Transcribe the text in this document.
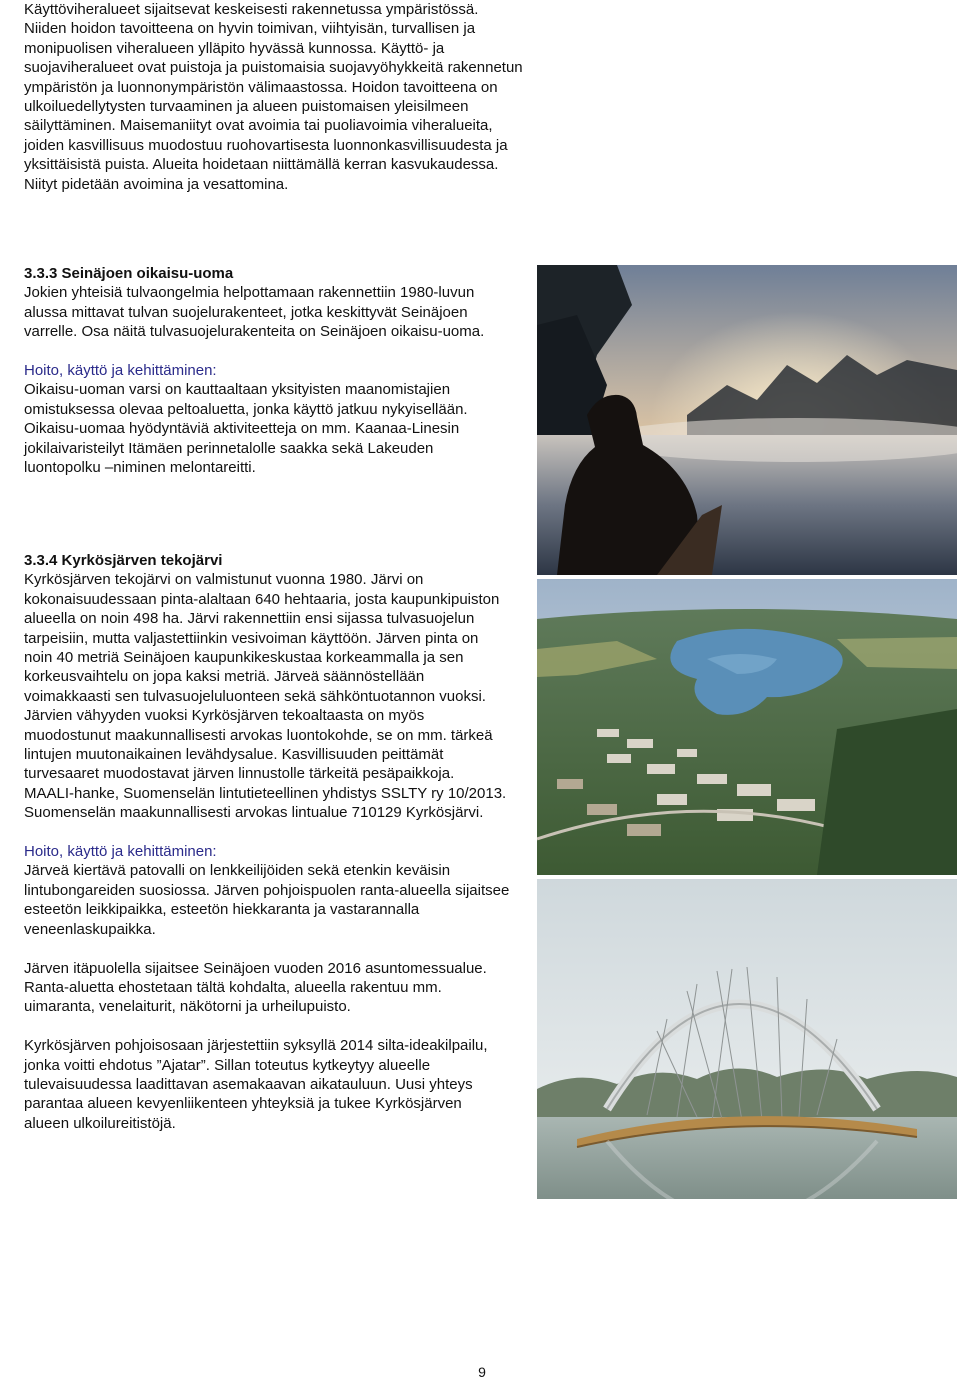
Käyttöviheralueet sijaitsevat keskeisesti rakennetussa ympäristössä. Niiden hoidon tavoitteena on hyvin toimivan, viihtyisän, turvallisen ja monipuolisen viheralueen ylläpito hyvässä kunnossa. Käyttö- ja suojaviheralueet ovat puistoja ja puistomaisia suojavyöhykkeitä rakennetun ympäristön ja luonnonympäristön välimaastossa. Hoidon tavoitteena on ulkoiluedellytysten turvaaminen ja alueen puistomaisen yleisilmeen säilyttäminen. Maisemaniityt ovat avoimia tai puoliavoimia viheralueita, joiden kasvillisuus muodostuu ruohovartisesta luonnonkasvillisuudesta ja yksittäisistä puista. Alueita hoidetaan niittämällä kerran kasvukaudessa. Niityt pidetään avoimina ja vesattomina.

3.3.3 Seinäjoen oikaisu-uoma

Jokien yhteisiä tulvaongelmia helpottamaan rakennettiin 1980-luvun alussa mittavat tulvan suojelurakenteet, jotka keskittyvät Seinäjoen varrelle. Osa näitä tulvasuojelurakenteita on Seinäjoen oikaisu-uoma.

Hoito, käyttö ja kehittäminen:

Oikaisu-uoman varsi on kauttaaltaan yksityisten maanomistajien omistuksessa olevaa peltoaluetta, jonka käyttö jatkuu nykyisellään.

Oikaisu-uomaa hyödyntäviä aktiviteetteja on mm. Kaanaa-Linesin jokilaivaristeilyt Itämäen perinnetalolle saakka sekä Lakeuden luontopolku –niminen melontareitti.

3.3.4 Kyrkösjärven tekojärvi

Kyrkösjärven tekojärvi on valmistunut vuonna 1980. Järvi on kokonaisuudessaan pinta-alaltaan 640 hehtaaria, josta kaupunkipuiston alueella on noin 498 ha. Järvi rakennettiin ensi sijassa tulvasuojelun tarpeisiin, mutta valjastettiinkin vesivoiman käyttöön. Järven pinta on noin 40 metriä Seinäjoen kaupunkikeskustaa korkeammalla ja sen korkeusvaihtelu on jopa kaksi metriä. Järveä säännöstellään voimakkaasti sen tulvasuojeluluonteen sekä sähköntuotannon vuoksi. Järvien vähyyden vuoksi Kyrkösjärven tekoaltaasta on myös muodostunut maakunnallisesti arvokas luontokohde, se on mm. tärkeä lintujen muutonaikainen levähdysalue. Kasvillisuuden peittämät turvesaaret muodostavat järven linnustolle tärkeitä pesäpaikkoja.

MAALI-hanke, Suomenselän lintutieteellinen yhdistys SSLTY ry 10/2013. Suomenselän maakunnallisesti arvokas lintualue 710129 Kyrkösjärvi.

Hoito, käyttö ja kehittäminen:

Järveä kiertävä patovalli on lenkkeilijöiden sekä etenkin keväisin lintubongareiden suosiossa. Järven pohjoispuolen ranta-alueella sijaitsee esteetön leikkipaikka, esteetön hiekkaranta ja vastarannalla veneenlaskupaikka.

Järven itäpuolella sijaitsee Seinäjoen vuoden 2016 asuntomessualue. Ranta-aluetta ehostetaan tältä kohdalta, alueella rakentuu mm. uimaranta, venelaiturit, näkötorni ja urheilupuisto.

Kyrkösjärven pohjoisosaan järjestettiin syksyllä 2014 silta-ideakilpailu, jonka voitti ehdotus ”Ajatar”. Sillan toteutus kytkeytyy alueelle tulevaisuudessa laadittavan asemakaavan aikatauluun. Uusi yhteys parantaa alueen kevyenliikenteen yhteyksiä ja tukee Kyrkösjärven alueen ulkoilureitistöjä.

9
